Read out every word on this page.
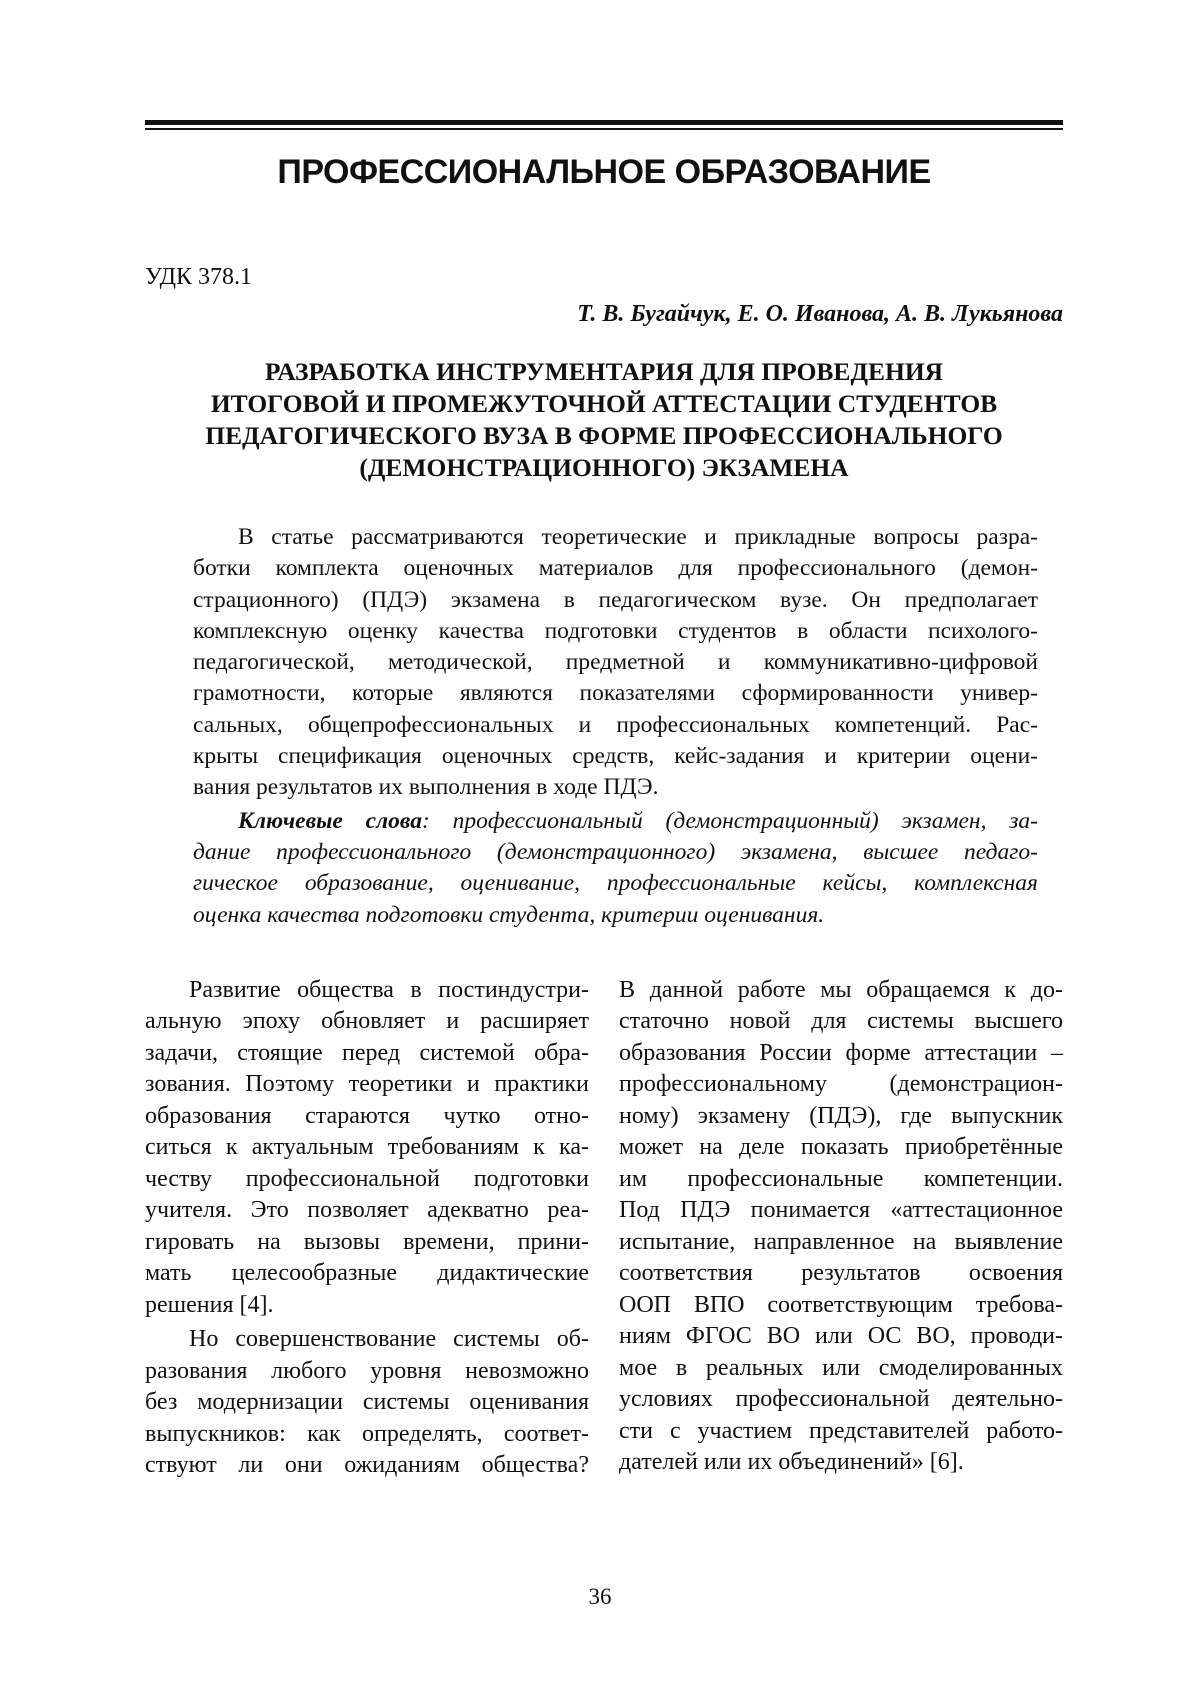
ПРОФЕССИОНАЛЬНОЕ ОБРАЗОВАНИЕ
УДК 378.1
Т. В. Бугайчук, Е. О. Иванова, А. В. Лукьянова
РАЗРАБОТКА ИНСТРУМЕНТАРИЯ ДЛЯ ПРОВЕДЕНИЯ
ИТОГОВОЙ И ПРОМЕЖУТОЧНОЙ АТТЕСТАЦИИ СТУДЕНТОВ
ПЕДАГОГИЧЕСКОГО ВУЗА В ФОРМЕ ПРОФЕССИОНАЛЬНОГО
(ДЕМОНСТРАЦИОННОГО) ЭКЗАМЕНА
В статье рассматриваются теоретические и прикладные вопросы разра-
ботки комплекта оценочных материалов для профессионального (демон-
страционного) (ПДЭ) экзамена в педагогическом вузе. Он предполагает
комплексную оценку качества подготовки студентов в области психолого-
педагогической, методической, предметной и коммуникативно-цифровой
грамотности, которые являются показателями сформированности универ-
сальных, общепрофессиональных и профессиональных компетенций. Рас-
крыты спецификация оценочных средств, кейс-задания и критерии оцени-
вания результатов их выполнения в ходе ПДЭ.
Ключевые слова: профессиональный (демонстрационный) экзамен, за-
дание профессионального (демонстрационного) экзамена, высшее педаго-
гическое образование, оценивание, профессиональные кейсы, комплексная
оценка качества подготовки студента, критерии оценивания.
Развитие общества в постиндустри-
альную эпоху обновляет и расширяет
задачи, стоящие перед системой обра-
зования. Поэтому теоретики и практики
образования стараются чутко отно-
ситься к актуальным требованиям к ка-
честву профессиональной подготовки
учителя. Это позволяет адекватно реа-
гировать на вызовы времени, прини-
мать целесообразные дидактические
решения [4].
Но совершенствование системы об-
разования любого уровня невозможно
без модернизации системы оценивания
выпускников: как определять, соответ-
ствуют ли они ожиданиям общества?
В данной работе мы обращаемся к до-
статочно новой для системы высшего
образования России форме аттестации –
профессиональному (демонстрацион-
ному) экзамену (ПДЭ), где выпускник
может на деле показать приобретённые
им профессиональные компетенции.
Под ПДЭ понимается «аттестационное
испытание, направленное на выявление
соответствия результатов освоения
ООП ВПО соответствующим требова-
ниям ФГОС ВО или ОС ВО, проводи-
мое в реальных или смоделированных
условиях профессиональной деятельно-
сти с участием представителей работо-
дателей или их объединений» [6].
36
